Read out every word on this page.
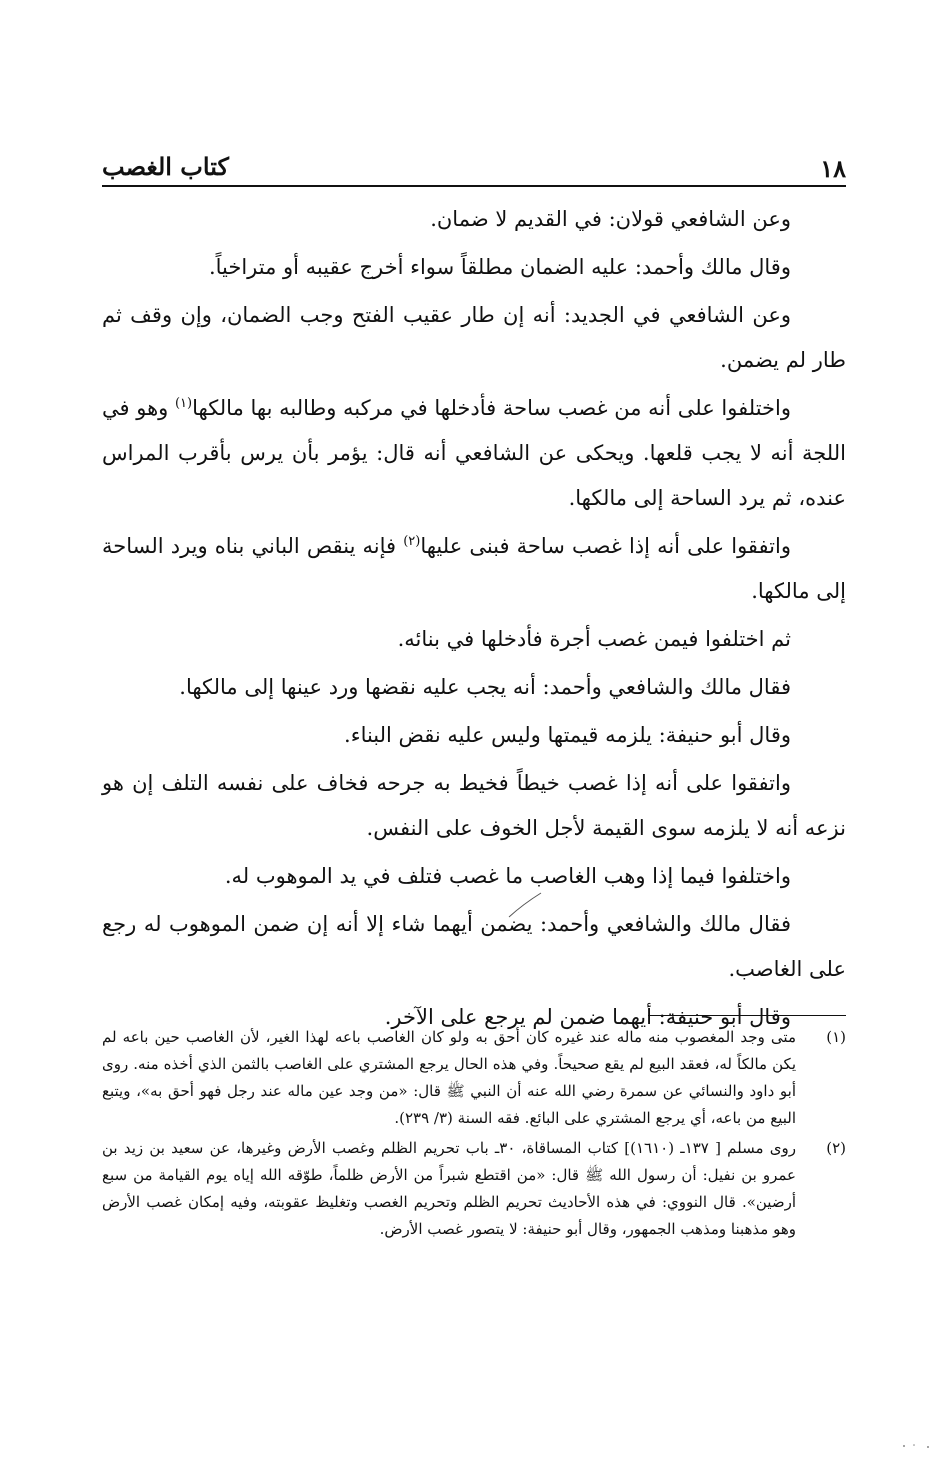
١٨
كتاب الغصب

وعن الشافعي قولان: في القديم لا ضمان.

وقال مالك وأحمد: عليه الضمان مطلقاً سواء أخرج عقيبه أو متراخياً.

وعن الشافعي في الجديد: أنه إن طار عقيب الفتح وجب الضمان، وإن وقف ثم طار لم يضمن.

واختلفوا على أنه من غصب ساحة فأدخلها في مركبه وطالبه بها مالكها$^{(١)}$ وهو في اللجة أنه لا يجب قلعها. ويحكى عن الشافعي أنه قال: يؤمر بأن يرس بأقرب المراس عنده، ثم يرد الساحة إلى مالكها.

واتفقوا على أنه إذا غصب ساحة فبنى عليها$^{(٢)}$ فإنه ينقص الباني بناه ويرد الساحة إلى مالكها.

ثم اختلفوا فيمن غصب أجرة فأدخلها في بنائه.

فقال مالك والشافعي وأحمد: أنه يجب عليه نقضها ورد عينها إلى مالكها.

وقال أبو حنيفة: يلزمه قيمتها وليس عليه نقض البناء.

واتفقوا على أنه إذا غصب خيطاً فخيط به جرحه فخاف على نفسه التلف إن هو نزعه أنه لا يلزمه سوى القيمة لأجل الخوف على النفس.

واختلفوا فيما إذا وهب الغاصب ما غصب فتلف في يد الموهوب له.

فقال مالك والشافعي وأحمد: يضمن أيهما شاء إلا أنه إن ضمن الموهوب له رجع على الغاصب.

وقال أبو حنيفة: أيهما ضمن لم يرجع على الآخر.

(١)
متى وجد المغصوب منه ماله عند غيره كان أحق به ولو كان الغاصب باعه لهذا الغير، لأن الغاصب حين باعه لم يكن مالكاً له، فعقد البيع لم يقع صحيحاً. وفي هذه الحال يرجع المشتري على الغاصب بالثمن الذي أخذه منه. روى أبو داود والنسائي عن سمرة رضي الله عنه أن النبي ﷺ قال: «من وجد عين ماله عند رجل فهو أحق به»، ويتبع البيع من باعه، أي يرجع المشتري على البائع. فقه السنة (٣/ ٢٣٩).
(٢)
روى مسلم [ ١٣٧ـ (١٦١٠)] كتاب المساقاة، ٣٠ـ باب تحريم الظلم وغصب الأرض وغيرها، عن سعيد بن زيد بن عمرو بن نفيل: أن رسول الله ﷺ قال: «من اقتطع شبراً من الأرض ظلماً، طوّقه الله إياه يوم القيامة من سبع أرضين». قال النووي: في هذه الأحاديث تحريم الظلم وتحريم الغصب وتغليظ عقوبته، وفيه إمكان غصب الأرض وهو مذهبنا ومذهب الجمهور، وقال أبو حنيفة: لا يتصور غصب الأرض.
